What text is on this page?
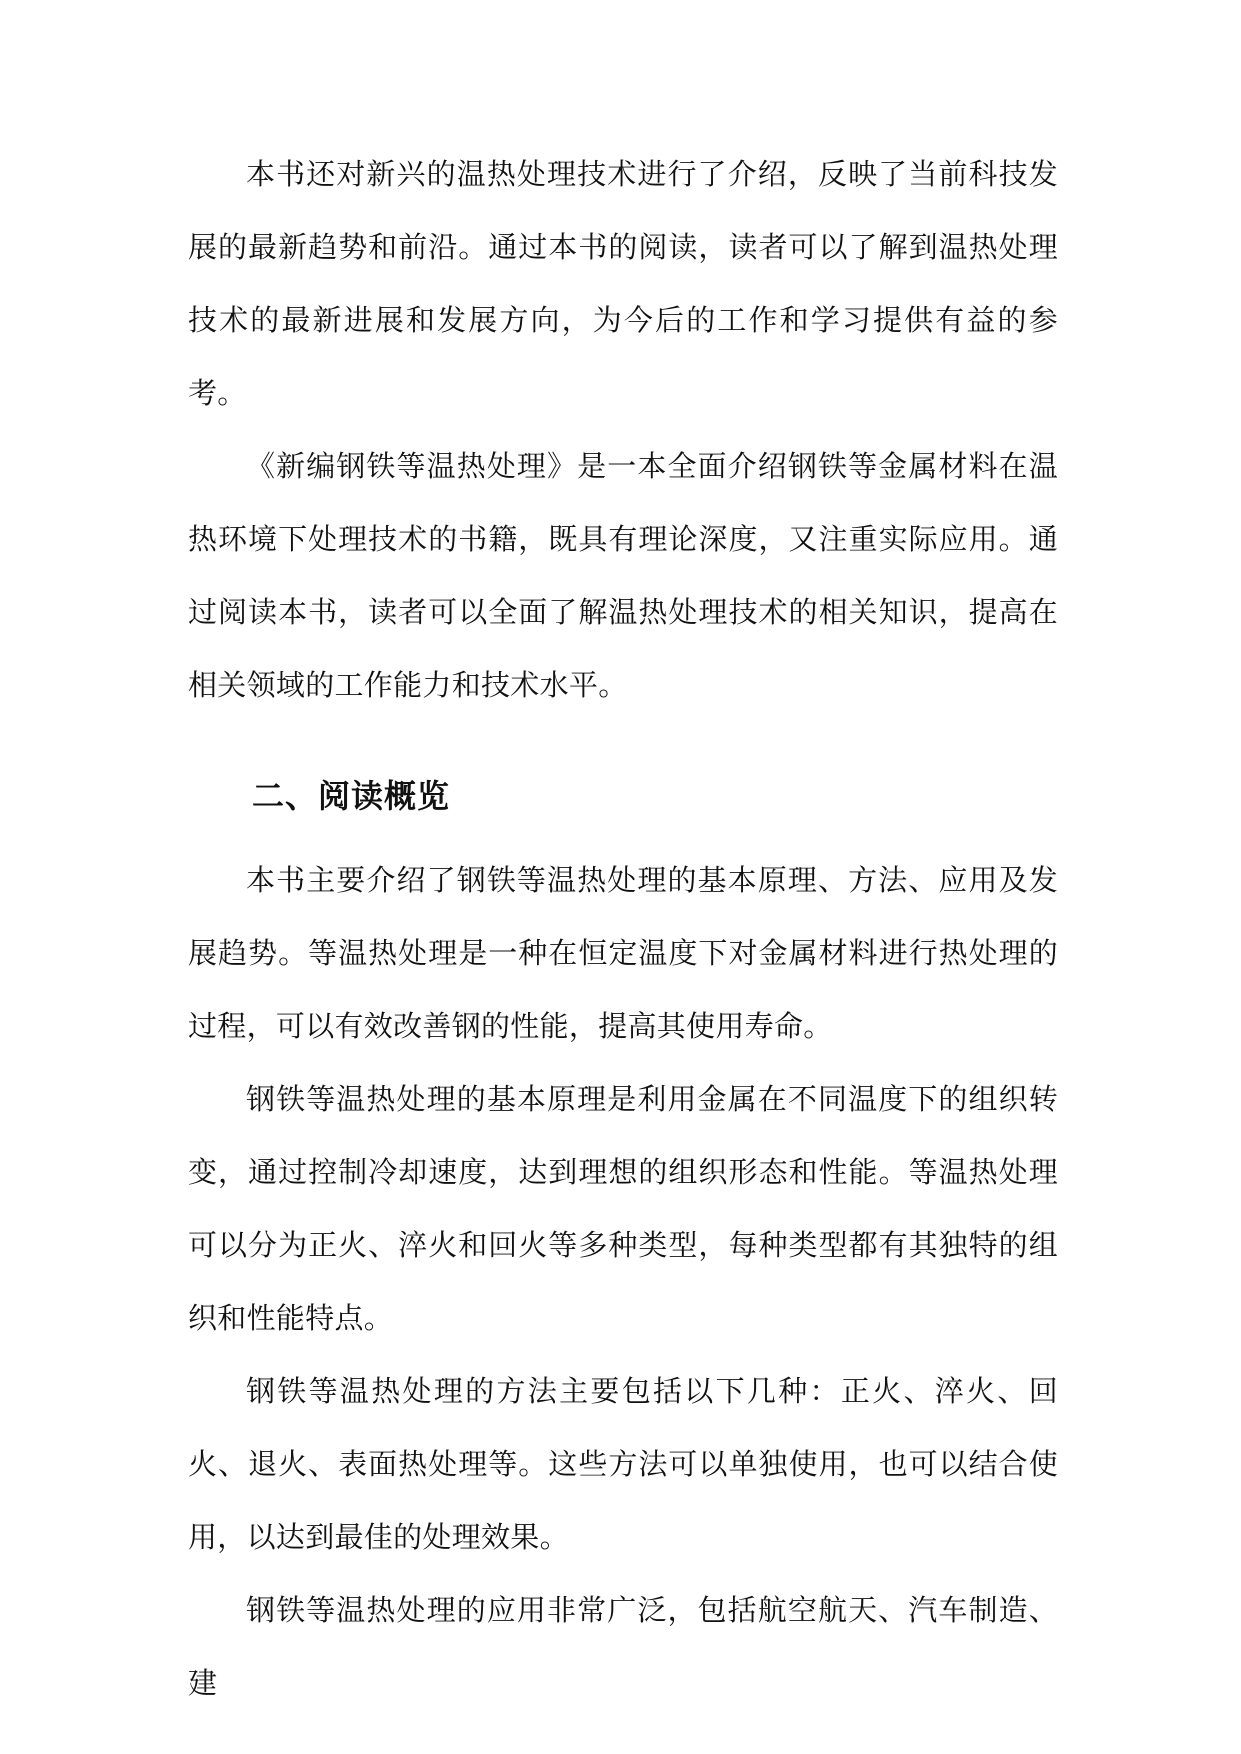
本书还对新兴的温热处理技术进行了介绍，反映了当前科技发展的最新趋势和前沿。通过本书的阅读，读者可以了解到温热处理技术的最新进展和发展方向，为今后的工作和学习提供有益的参考。

《新编钢铁等温热处理》是一本全面介绍钢铁等金属材料在温热环境下处理技术的书籍，既具有理论深度，又注重实际应用。通过阅读本书，读者可以全面了解温热处理技术的相关知识，提高在相关领域的工作能力和技术水平。

二、阅读概览

本书主要介绍了钢铁等温热处理的基本原理、方法、应用及发展趋势。等温热处理是一种在恒定温度下对金属材料进行热处理的过程，可以有效改善钢的性能，提高其使用寿命。

钢铁等温热处理的基本原理是利用金属在不同温度下的组织转变，通过控制冷却速度，达到理想的组织形态和性能。等温热处理可以分为正火、淬火和回火等多种类型，每种类型都有其独特的组织和性能特点。

钢铁等温热处理的方法主要包括以下几种：正火、淬火、回火、退火、表面热处理等。这些方法可以单独使用，也可以结合使用，以达到最佳的处理效果。

钢铁等温热处理的应用非常广泛，包括航空航天、汽车制造、建
